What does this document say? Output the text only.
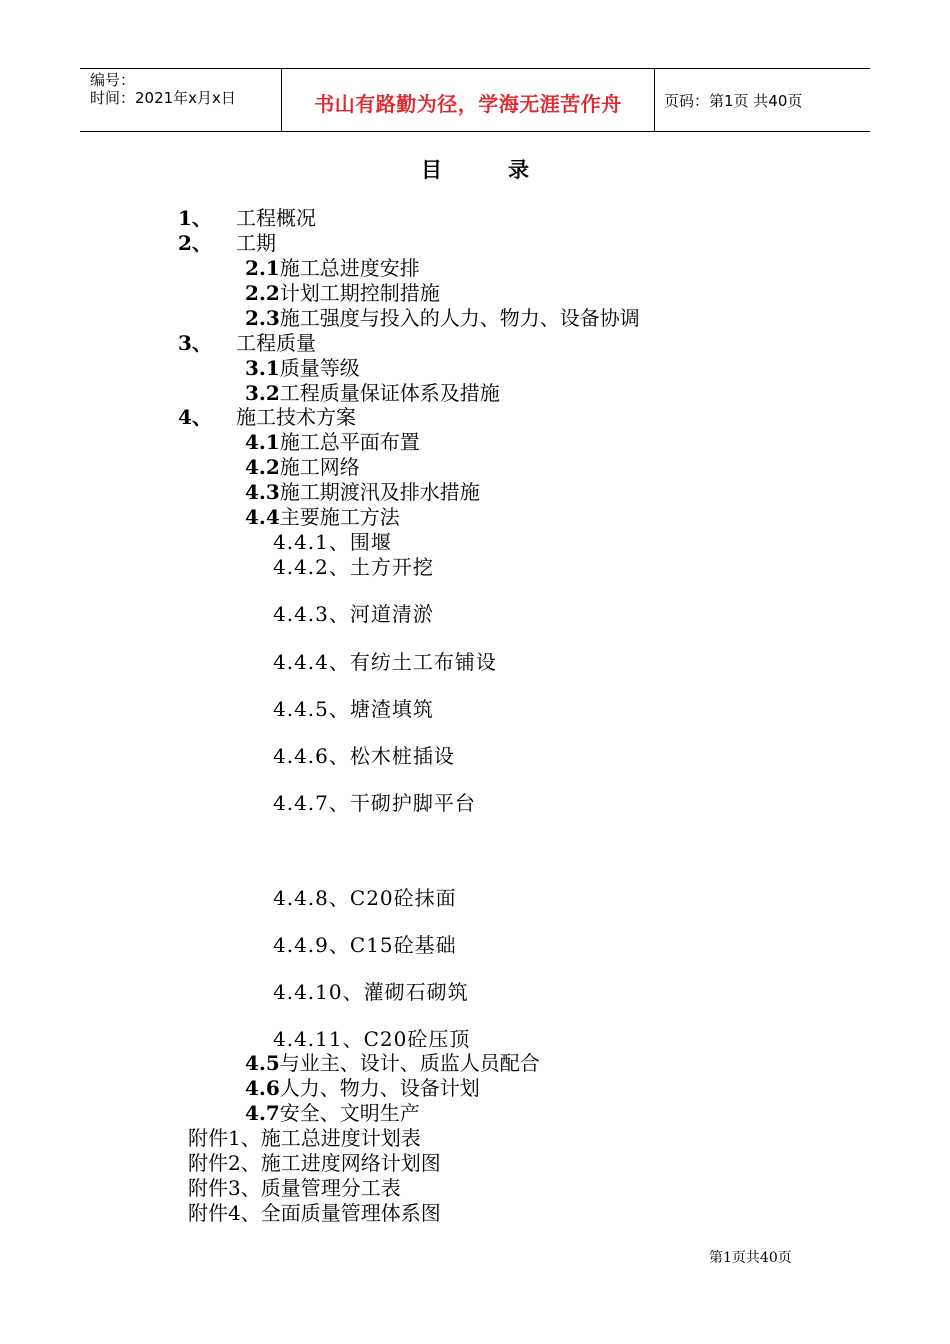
编号：
时间：2021年x月x日	书山有路勤为径，学海无涯苦作舟	页码：第1页 共40页
目	录
1、 工程概况
2、 工期
2.1施工总进度安排
2.2计划工期控制措施
2.3施工强度与投入的人力、物力、设备协调
3、 工程质量
3.1质量等级
3.2工程质量保证体系及措施
4、 施工技术方案
4.1施工总平面布置
4.2施工网络
4.3施工期渡汛及排水措施
4.4主要施工方法
4.4.1、围堰
4.4.2、土方开挖
4.4.3、河道清淤
4.4.4、有纺土工布铺设
4.4.5、塘渣填筑
4.4.6、松木桩插设
4.4.7、干砌护脚平台
4.4.8、C20砼抹面
4.4.9、C15砼基础
4.4.10、灌砌石砌筑
4.4.11、C20砼压顶
4.5与业主、设计、质监人员配合
4.6人力、物力、设备计划
4.7安全、文明生产
附件1、施工总进度计划表
附件2、施工进度网络计划图
附件3、质量管理分工表
附件4、全面质量管理体系图
第1页共40页
